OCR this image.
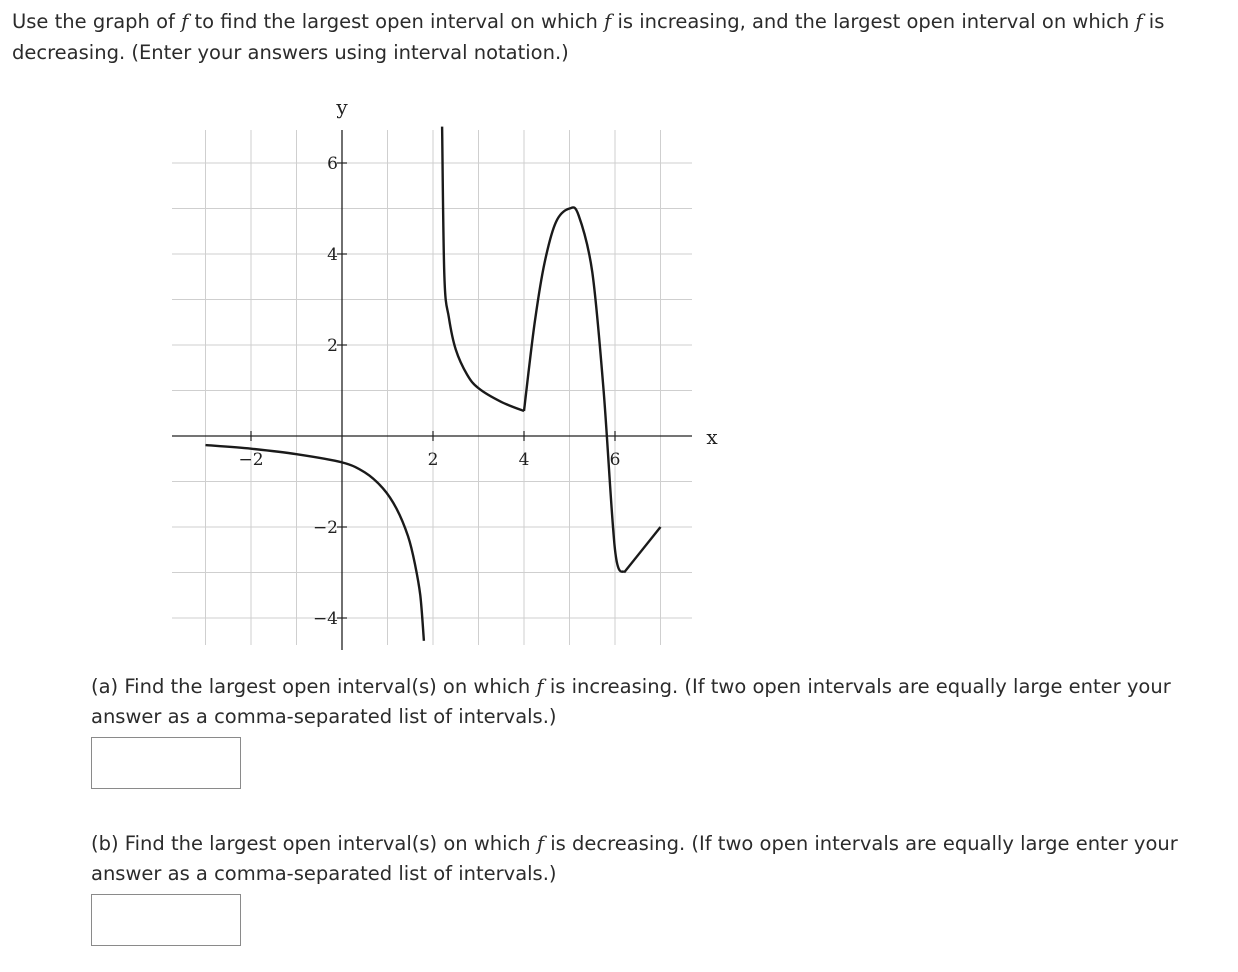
Use the graph of f to find the largest open interval on which f is increasing, and the largest open interval on which f is decreasing. (Enter your answers using interval notation.)

x
y
−2	2	4	6
6
4
2
−2
−4

(a) Find the largest open interval(s) on which f is increasing. (If two open intervals are equally large enter your answer as a comma-separated list of intervals.)

(b) Find the largest open interval(s) on which f is decreasing. (If two open intervals are equally large enter your answer as a comma-separated list of intervals.)
